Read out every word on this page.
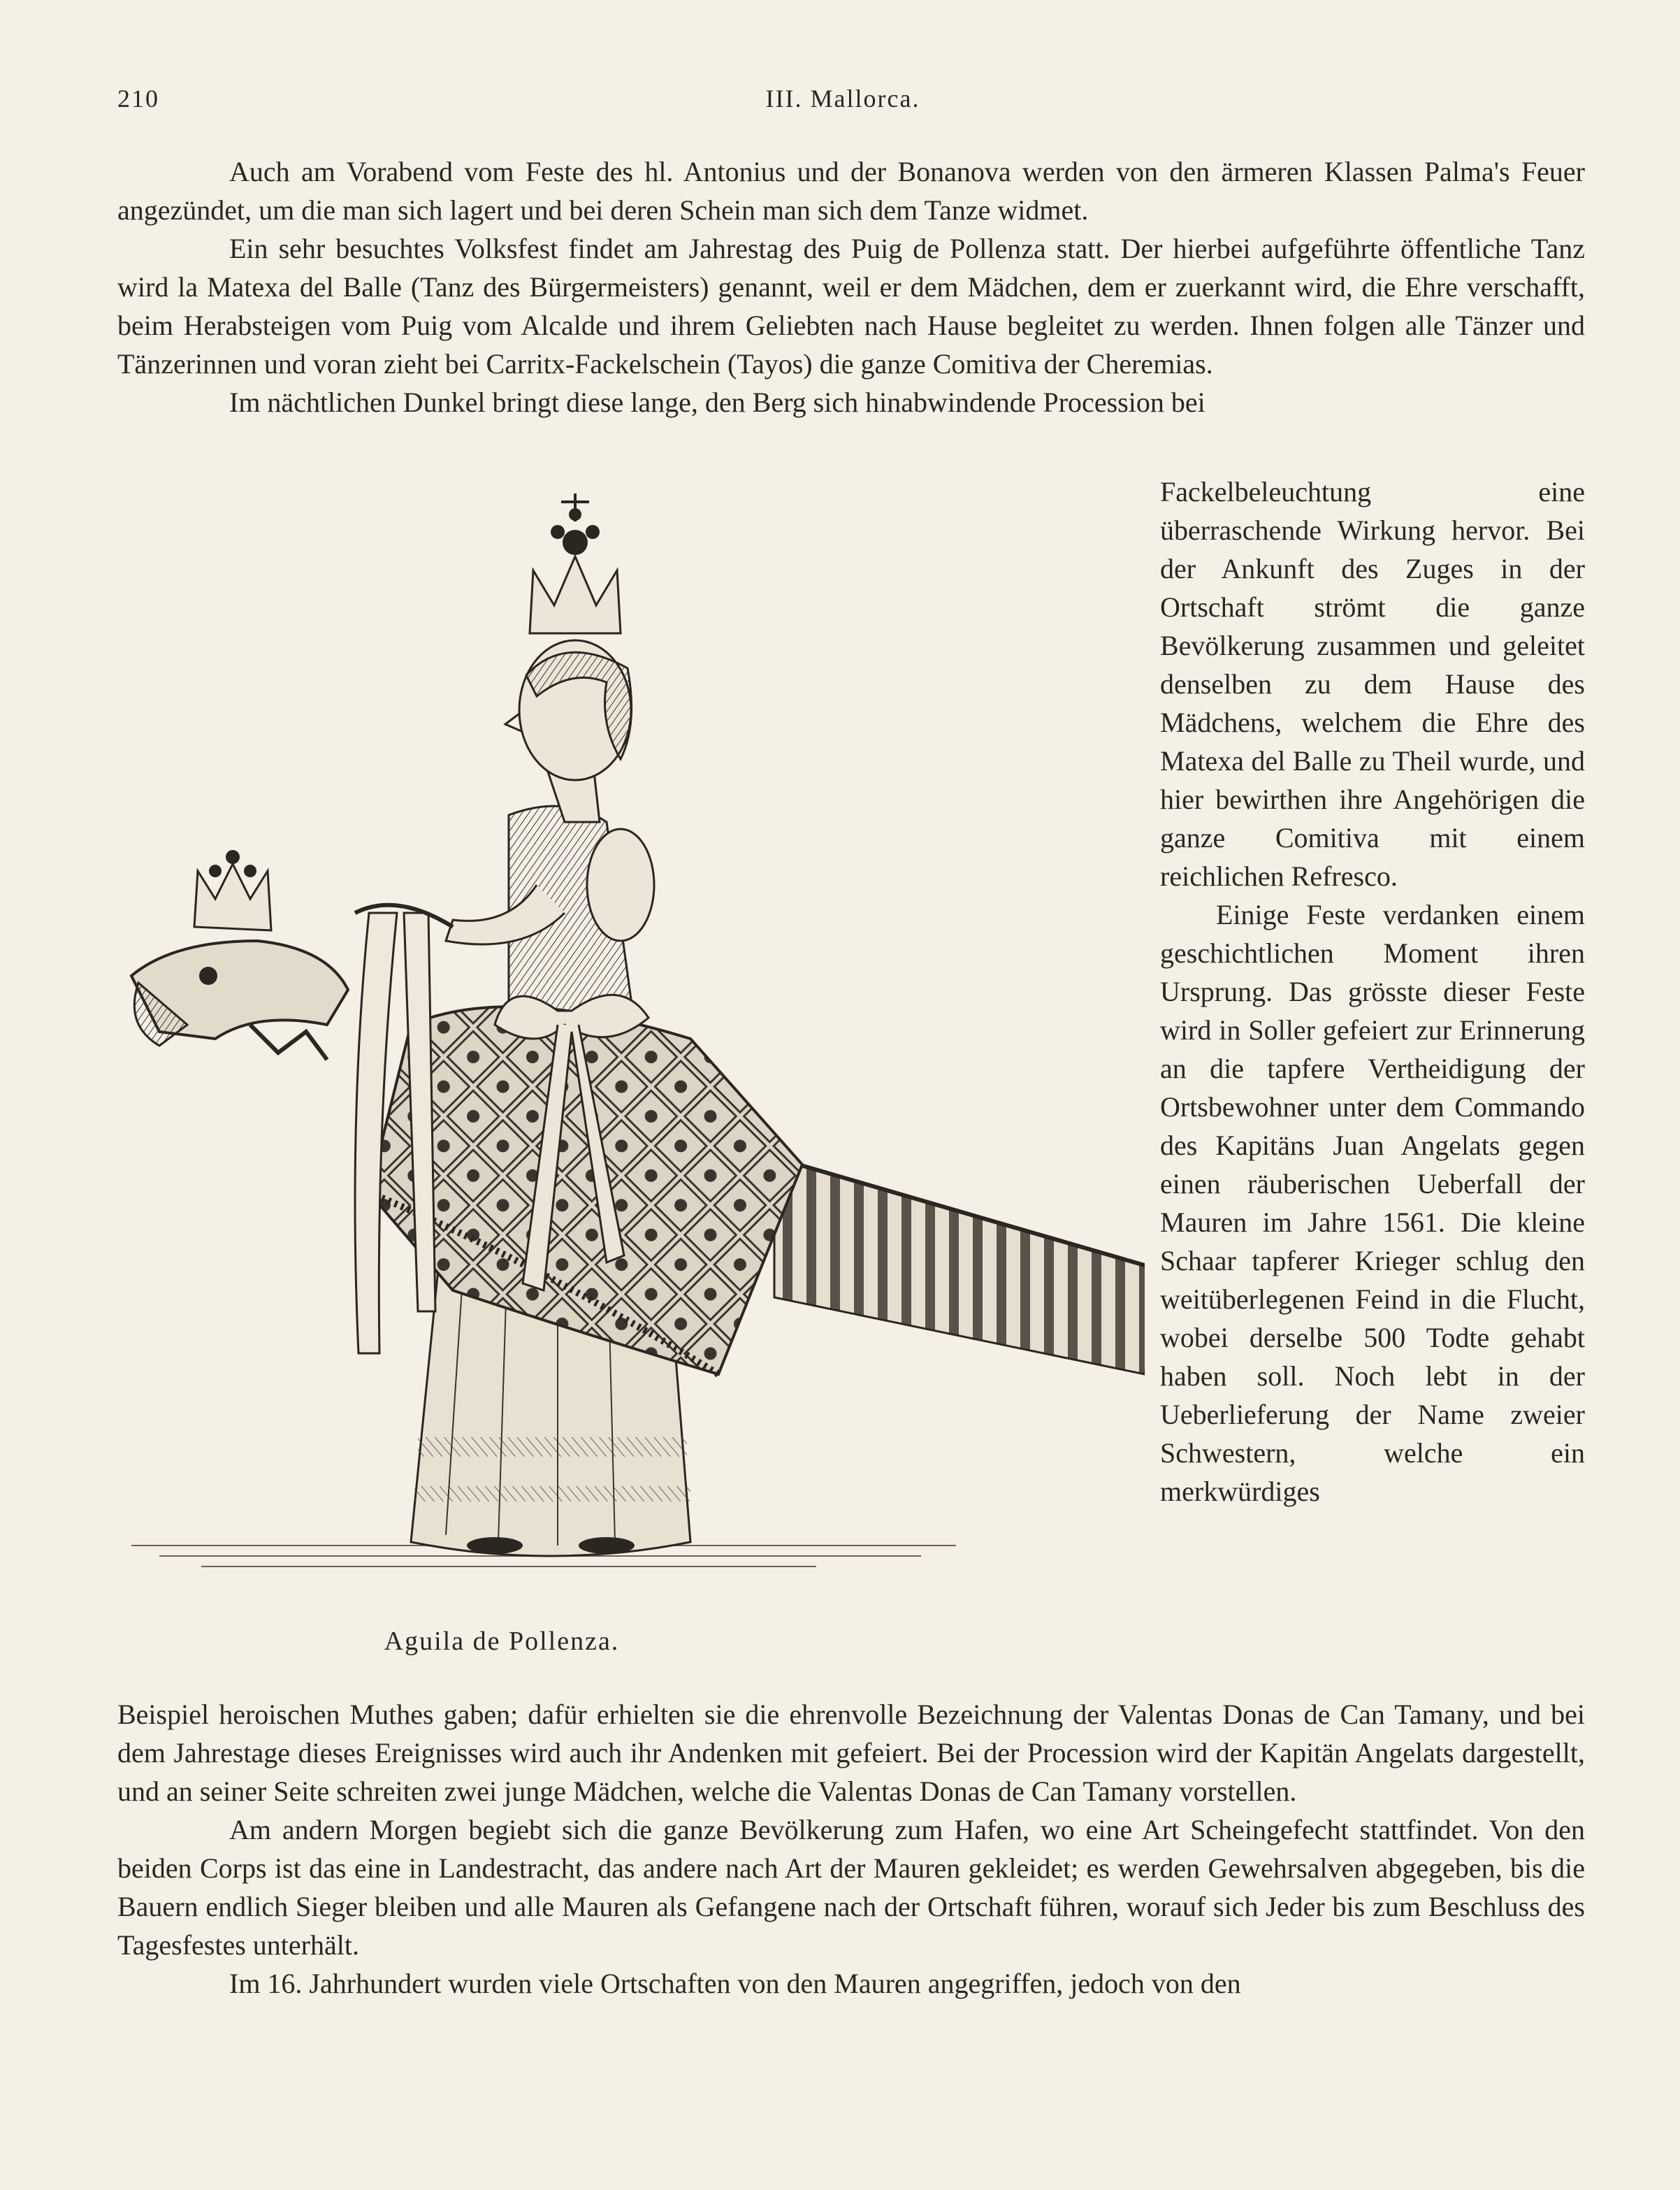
210	III. Mallorca.

Auch am Vorabend vom Feste des hl. Antonius und der Bonanova werden von den ärmeren Klassen Palma's Feuer angezündet, um die man sich lagert und bei deren Schein man sich dem Tanze widmet.

Ein sehr besuchtes Volksfest findet am Jahrestag des Puig de Pollenza statt. Der hierbei aufgeführte öffentliche Tanz wird la Matexa del Balle (Tanz des Bürgermeisters) genannt, weil er dem Mädchen, dem er zuerkannt wird, die Ehre verschafft, beim Herabsteigen vom Puig vom Alcalde und ihrem Geliebten nach Hause begleitet zu werden. Ihnen folgen alle Tänzer und Tänzerinnen und voran zieht bei Carritx-Fackelschein (Tayos) die ganze Comitiva der Cheremias.

Im nächtlichen Dunkel bringt diese lange, den Berg sich hinabwindende Procession bei

Aguila de Pollenza.

Fackelbeleuchtung eine überraschende Wirkung hervor. Bei der Ankunft des Zuges in der Ortschaft strömt die ganze Bevölkerung zusammen und geleitet denselben zu dem Hause des Mädchens, welchem die Ehre des Matexa del Balle zu Theil wurde, und hier bewirthen ihre Angehörigen die ganze Comitiva mit einem reichlichen Refresco.

Einige Feste verdanken einem geschichtlichen Moment ihren Ursprung. Das grösste dieser Feste wird in Soller gefeiert zur Erinnerung an die tapfere Vertheidigung der Ortsbewohner unter dem Commando des Kapitäns Juan Angelats gegen einen räuberischen Ueberfall der Mauren im Jahre 1561. Die kleine Schaar tapferer Krieger schlug den weitüberlegenen Feind in die Flucht, wobei derselbe 500 Todte gehabt haben soll. Noch lebt in der Ueberlieferung der Name zweier Schwestern, welche ein merkwürdiges

Beispiel heroischen Muthes gaben; dafür erhielten sie die ehrenvolle Bezeichnung der Valentas Donas de Can Tamany, und bei dem Jahrestage dieses Ereignisses wird auch ihr Andenken mit gefeiert. Bei der Procession wird der Kapitän Angelats dargestellt, und an seiner Seite schreiten zwei junge Mädchen, welche die Valentas Donas de Can Tamany vorstellen.

Am andern Morgen begiebt sich die ganze Bevölkerung zum Hafen, wo eine Art Scheingefecht stattfindet. Von den beiden Corps ist das eine in Landestracht, das andere nach Art der Mauren gekleidet; es werden Gewehrsalven abgegeben, bis die Bauern endlich Sieger bleiben und alle Mauren als Gefangene nach der Ortschaft führen, worauf sich Jeder bis zum Beschluss des Tagesfestes unterhält.

Im 16. Jahrhundert wurden viele Ortschaften von den Mauren angegriffen, jedoch von den
